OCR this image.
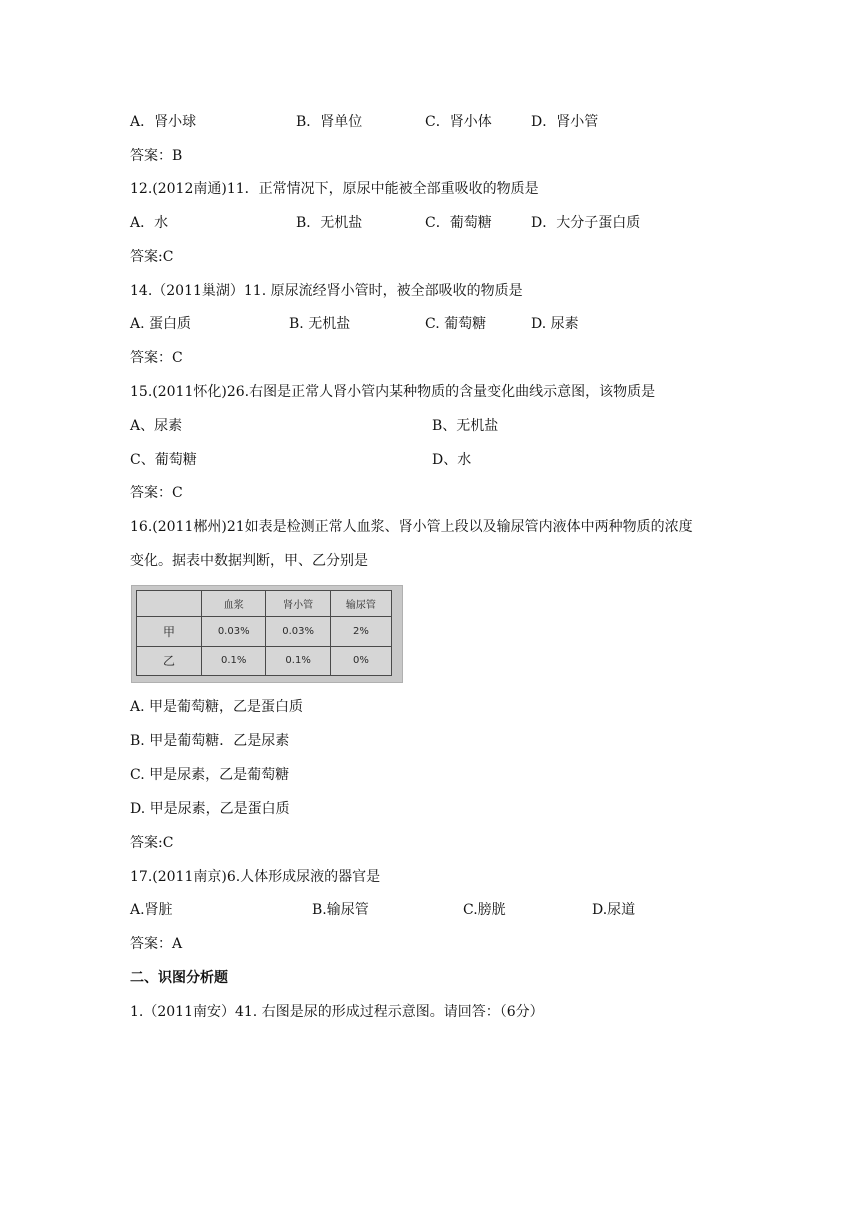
A．肾小球	B．肾单位	C．肾小体	D．肾小管
答案：B
12.(2012南通)11．正常情况下，原尿中能被全部重吸收的物质是
A．水	B．无机盐	C．葡萄糖	D．大分子蛋白质
答案:C
14.（2011巢湖）11. 原尿流经肾小管时，被全部吸收的物质是
A. 蛋白质	B. 无机盐	C. 葡萄糖	D. 尿素
答案：C
15.(2011怀化)26.右图是正常人肾小管内某种物质的含量变化曲线示意图，该物质是
A、尿素	B、无机盐
C、葡萄糖	D、水
答案：C
16.(2011郴州)21如表是检测正常人血浆、肾小管上段以及输尿管内液体中两种物质的浓度
变化。据表中数据判断，甲、乙分别是
	血浆	肾小管	输尿管
甲	0.03%	0.03%	2%
乙	0.1%	0.1%	0%
A. 甲是葡萄糖，乙是蛋白质
B. 甲是葡萄糖．乙是尿素
C. 甲是尿素，乙是葡萄糖
D. 甲是尿素，乙是蛋白质
答案:C
17.(2011南京)6.人体形成尿液的器官是
A.肾脏	B.输尿管	C.膀胱	D.尿道
答案：A
二、识图分析题
1.（2011南安）41. 右图是尿的形成过程示意图。请回答：（6分）
